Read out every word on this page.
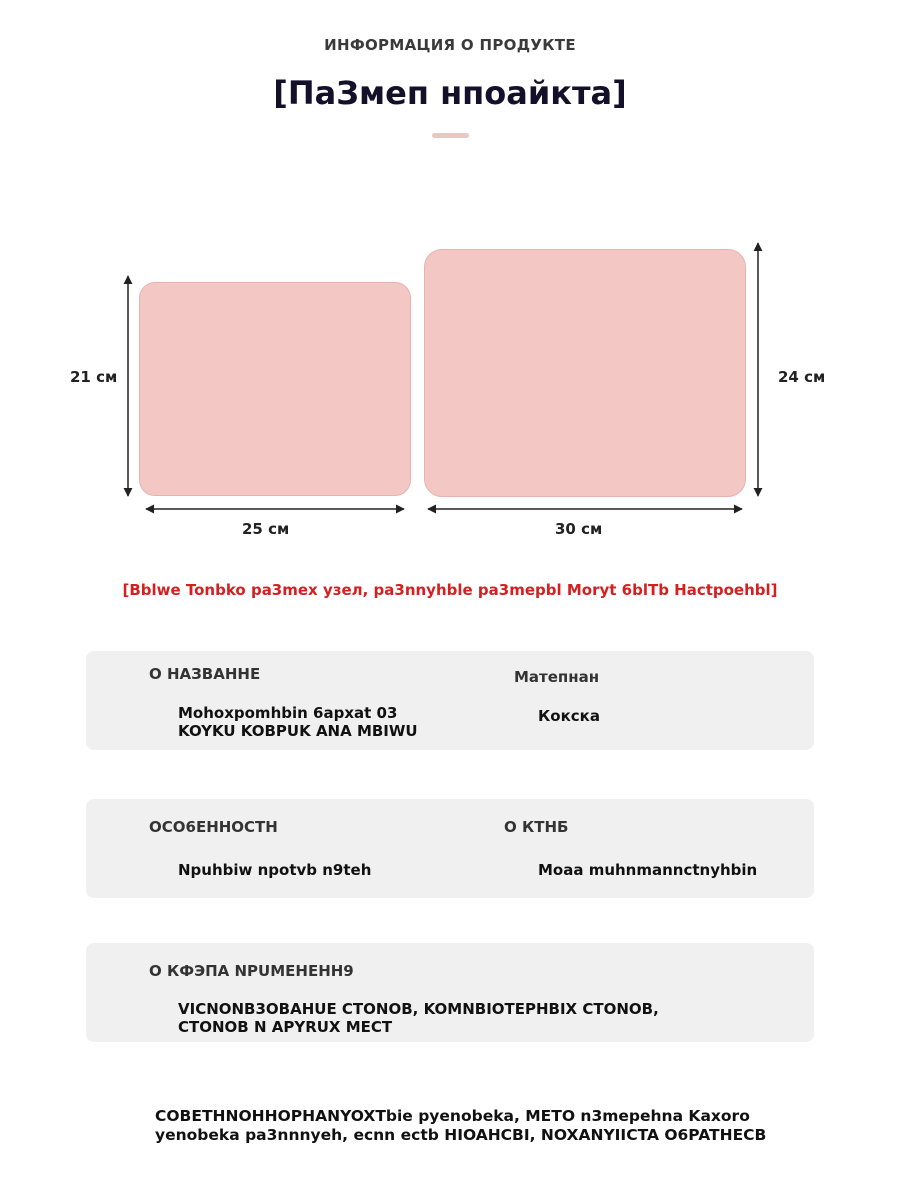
ИНФОРМАЦИЯ О ПРОДУКТЕ
[ПаЗмеп нпоайкта]
21 см
25 см
24 см
30 см
[Bblwe Tonbko pa3mex узел, pa3nnyhble pa3mepbl Moryt 6blTb Hactpoehbl]
О НАЗВАННЕ
Mohoxpomhbin 6apxat 03
KOYKU KOBPUK ANA MBIWU
Матепнан
Кокска
ОСО6ЕННОСТН
Npuhbiw npotvb n9teh
О КТНБ
Moaa muhnmannctnyhbin
О КФЭПА NPUМЕНЕНН9
VICNONB3OBAHUE CTONOB, KOMNBIOTEPHBIX CTONOB,
CTONOB N APYRUX MECT
COBETHNOHHOPHANYOXTbie pyenobeka, METO n3mepehna Kaxoro
yenobeka pa3nnnyeh, ecnn ectb HIOAHCBI, NOXANYIICTA O6PATHECB
